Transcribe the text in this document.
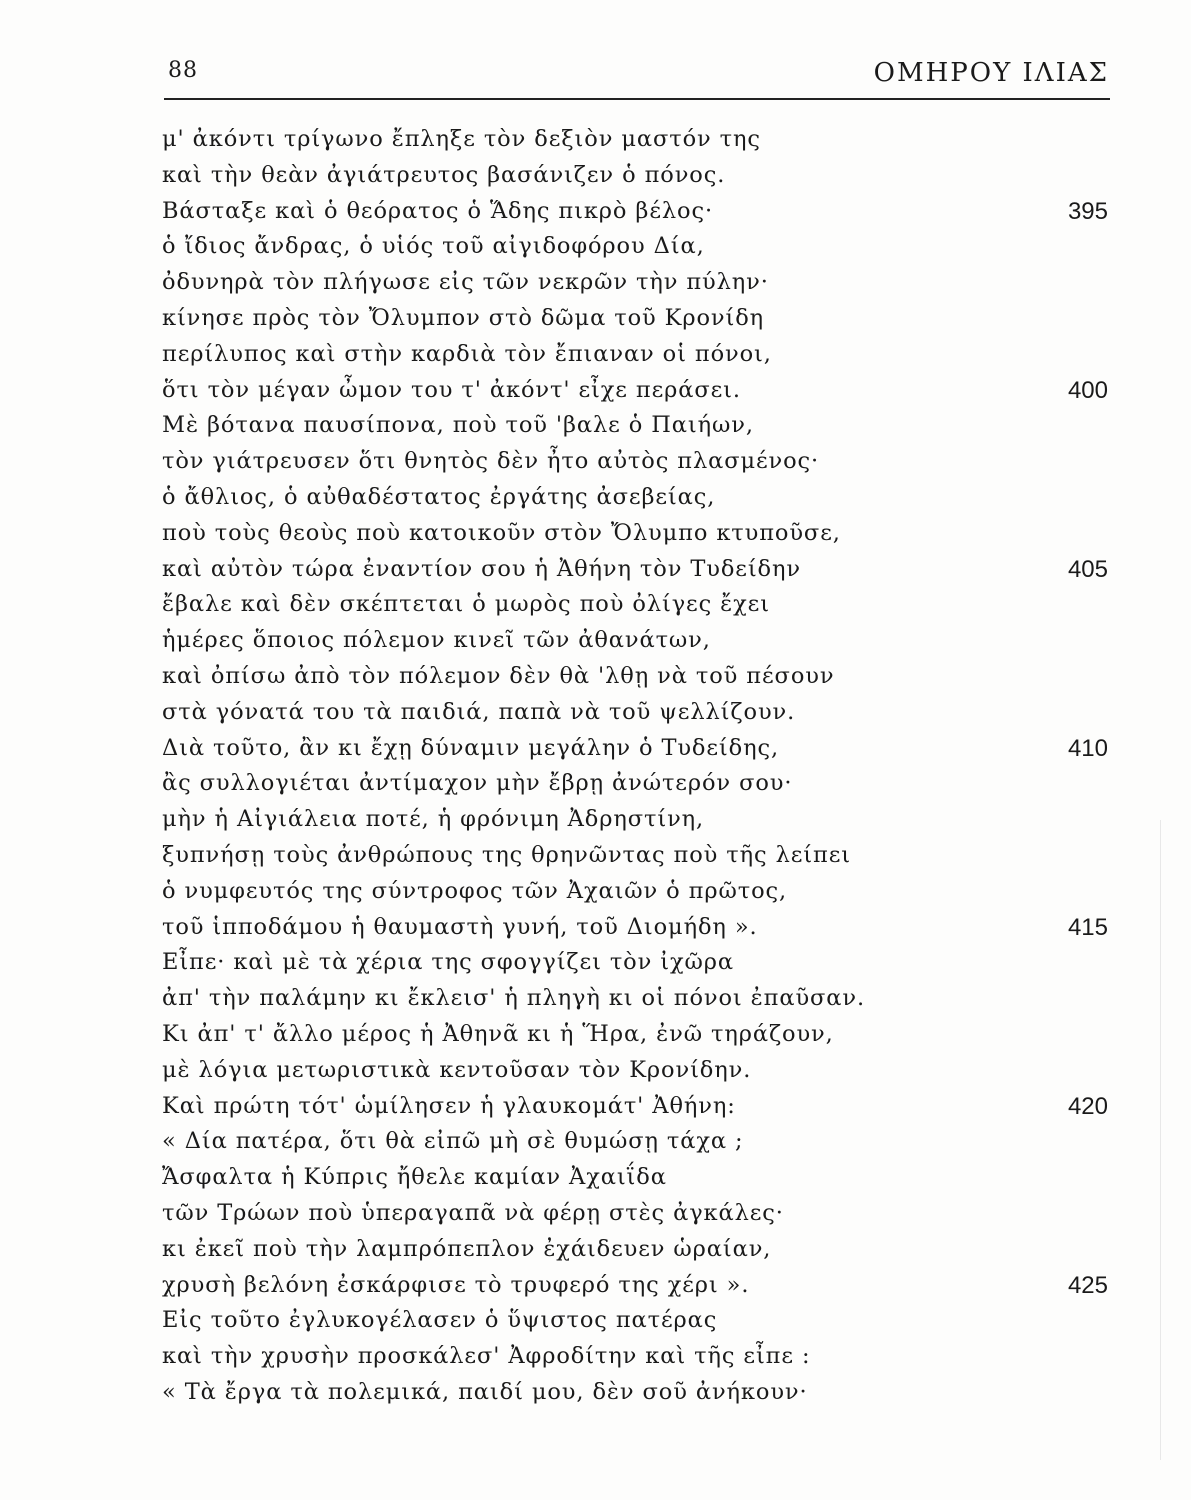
88	ΟΜΗΡΟΥ ΙΛΙΑΣ
μ' ἀκόντι τρίγωνο ἔπληξε τὸν δεξιὸν μαστόν της
καὶ τὴν θεὰν ἀγιάτρευτος βασάνιζεν ὁ πόνος.
Βάσταξε καὶ ὁ θεόρατος ὁ Ἅδης πικρὸ βέλος·	395
ὁ ἴδιος ἄνδρας, ὁ υἱός τοῦ αἰγιδοφόρου Δία,
ὀδυνηρὰ τὸν πλήγωσε εἰς τῶν νεκρῶν τὴν πύλην·
κίνησε πρὸς τὸν Ὄλυμπον στὸ δῶμα τοῦ Κρονίδη
περίλυπος καὶ στὴν καρδιὰ τὸν ἔπιαναν οἱ πόνοι,
ὅτι τὸν μέγαν ὦμον του τ' ἀκόντ' εἶχε περάσει.	400
Μὲ βότανα παυσίπονα, ποὺ τοῦ 'βαλε ὁ Παιήων,
τὸν γιάτρευσεν ὅτι θνητὸς δὲν ἦτο αὐτὸς πλασμένος·
ὁ ἄθλιος, ὁ αὐθαδέστατος ἐργάτης ἀσεβείας,
ποὺ τοὺς θεοὺς ποὺ κατοικοῦν στὸν Ὄλυμπο κτυποῦσε,
καὶ αὐτὸν τώρα ἐναντίον σου ἡ Ἀθήνη τὸν Τυδείδην	405
ἔβαλε καὶ δὲν σκέπτεται ὁ μωρὸς ποὺ ὀλίγες ἔχει
ἡμέρες ὅποιος πόλεμον κινεῖ τῶν ἀθανάτων,
καὶ ὀπίσω ἀπὸ τὸν πόλεμον δὲν θὰ 'λθῃ νὰ τοῦ πέσουν
στὰ γόνατά του τὰ παιδιά, παπὰ νὰ τοῦ ψελλίζουν.
Διὰ τοῦτο, ἂν κι ἔχῃ δύναμιν μεγάλην ὁ Τυδείδης,	410
ἂς συλλογιέται ἀντίμαχον μὴν ἔβρῃ ἀνώτερόν σου·
μὴν ἡ Αἰγιάλεια ποτέ, ἡ φρόνιμη Ἀδρηστίνη,
ξυπνήσῃ τοὺς ἀνθρώπους της θρηνῶντας ποὺ τῆς λείπει
ὁ νυμφευτός της σύντροφος τῶν Ἀχαιῶν ὁ πρῶτος,
τοῦ ἱπποδάμου ἡ θαυμαστὴ γυνή, τοῦ Διομήδη ».	415
Εἶπε· καὶ μὲ τὰ χέρια της σφογγίζει τὸν ἰχῶρα
ἀπ' τὴν παλάμην κι ἔκλεισ' ἡ πληγὴ κι οἱ πόνοι ἐπαῦσαν.
Κι ἀπ' τ' ἄλλο μέρος ἡ Ἀθηνᾶ κι ἡ Ἥρα, ἐνῶ τηράζουν,
μὲ λόγια μετωριστικὰ κεντοῦσαν τὸν Κρονίδην.
Καὶ πρώτη τότ' ὡμίλησεν ἡ γλαυκομάτ' Ἀθήνη:	420
« Δία πατέρα, ὅτι θὰ εἰπῶ μὴ σὲ θυμώσῃ τάχα ;
Ἄσφαλτα ἡ Κύπρις ἤθελε καμίαν Ἀχαιΐδα
τῶν Τρώων ποὺ ὑπεραγαπᾶ νὰ φέρῃ στὲς ἀγκάλες·
κι ἐκεῖ ποὺ τὴν λαμπρόπεπλον ἐχάιδευεν ὡραίαν,
χρυσὴ βελόνη ἐσκάρφισε τὸ τρυφερό της χέρι ».	425
Εἰς τοῦτο ἐγλυκογέλασεν ὁ ὕψιστος πατέρας
καὶ τὴν χρυσὴν προσκάλεσ' Ἀφροδίτην καὶ τῆς εἶπε :
« Τὰ ἔργα τὰ πολεμικά, παιδί μου, δὲν σοῦ ἀνήκουν·
